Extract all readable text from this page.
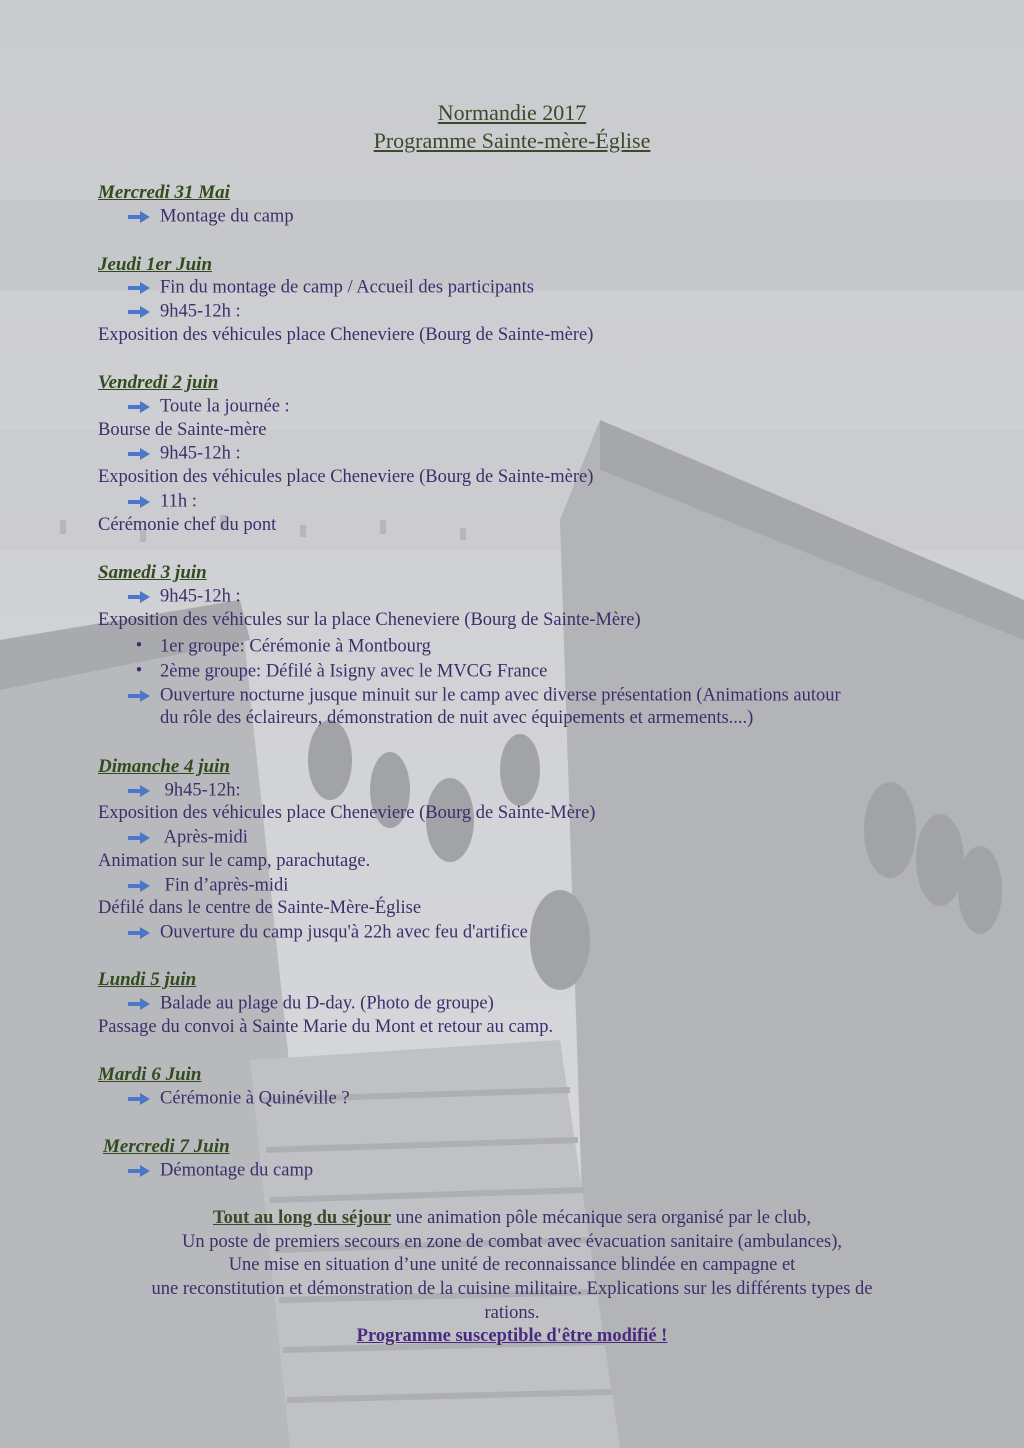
Normandie 2017
Programme Sainte-mère-Église
Mercredi 31 Mai
Montage du camp
Jeudi 1er Juin
Fin du montage de camp / Accueil des participants
9h45-12h :
Exposition des véhicules place Cheneviere (Bourg de Sainte-mère)
Vendredi 2 juin
Toute la journée :
Bourse de Sainte-mère
9h45-12h :
Exposition des véhicules place Cheneviere (Bourg de Sainte-mère)
11h :
Cérémonie chef du pont
Samedi 3 juin
9h45-12h :
Exposition des véhicules sur la place Cheneviere (Bourg de Sainte-Mère)
• 1er groupe: Cérémonie à Montbourg
• 2ème groupe: Défilé à Isigny avec le MVCG France
Ouverture nocturne jusque minuit sur le camp avec diverse présentation (Animations autour
du rôle des éclaireurs, démonstration de nuit avec équipements et armements....)
Dimanche 4 juin
9h45-12h:
Exposition des véhicules place Cheneviere (Bourg de Sainte-Mère)
Après-midi
Animation sur le camp, parachutage.
Fin d’après-midi
Défilé dans le centre de Sainte-Mère-Église
Ouverture du camp jusqu'à 22h avec feu d'artifice
Lundi 5 juin
Balade au plage du D-day. (Photo de groupe)
Passage du convoi à Sainte Marie du Mont et retour au camp.
Mardi 6 Juin
Cérémonie à Quinéville ?
Mercredi 7 Juin
Démontage du camp
Tout au long du séjour une animation pôle mécanique sera organisé par le club,
Un poste de premiers secours en zone de combat avec évacuation sanitaire (ambulances),
Une mise en situation d’une unité de reconnaissance blindée en campagne et
une reconstitution et démonstration de la cuisine militaire. Explications sur les différents types de
rations.
Programme susceptible d'être modifié !
